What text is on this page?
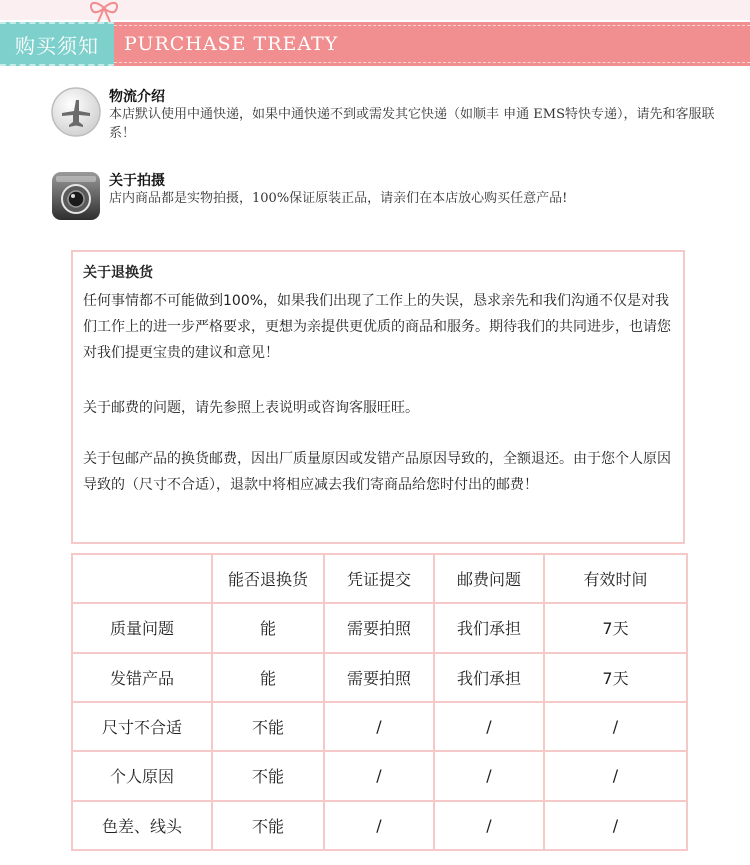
购买须知	PURCHASE TREATY
物流介绍
本店默认使用中通快递，如果中通快递不到或需发其它快递（如顺丰 申通 EMS特快专递），请先和客服联系！
关于拍摄
店内商品都是实物拍摄，100%保证原装正品，请亲们在本店放心购买任意产品!
关于退换货
任何事情都不可能做到100%，如果我们出现了工作上的失误，恳求亲先和我们沟通不仅是对我们工作上的进一步严格要求，更想为亲提供更优质的商品和服务。期待我们的共同进步，也请您对我们提更宝贵的建议和意见！
关于邮费的问题，请先参照上表说明或咨询客服旺旺。
关于包邮产品的换货邮费，因出厂质量原因或发错产品原因导致的，全额退还。由于您个人原因导致的（尺寸不合适），退款中将相应减去我们寄商品给您时付出的邮费！
	能否退换货	凭证提交	邮费问题	有效时间
质量问题	能	需要拍照	我们承担	7天
发错产品	能	需要拍照	我们承担	7天
尺寸不合适	不能	/	/	/
个人原因	不能	/	/	/
色差、线头	不能	/	/	/
